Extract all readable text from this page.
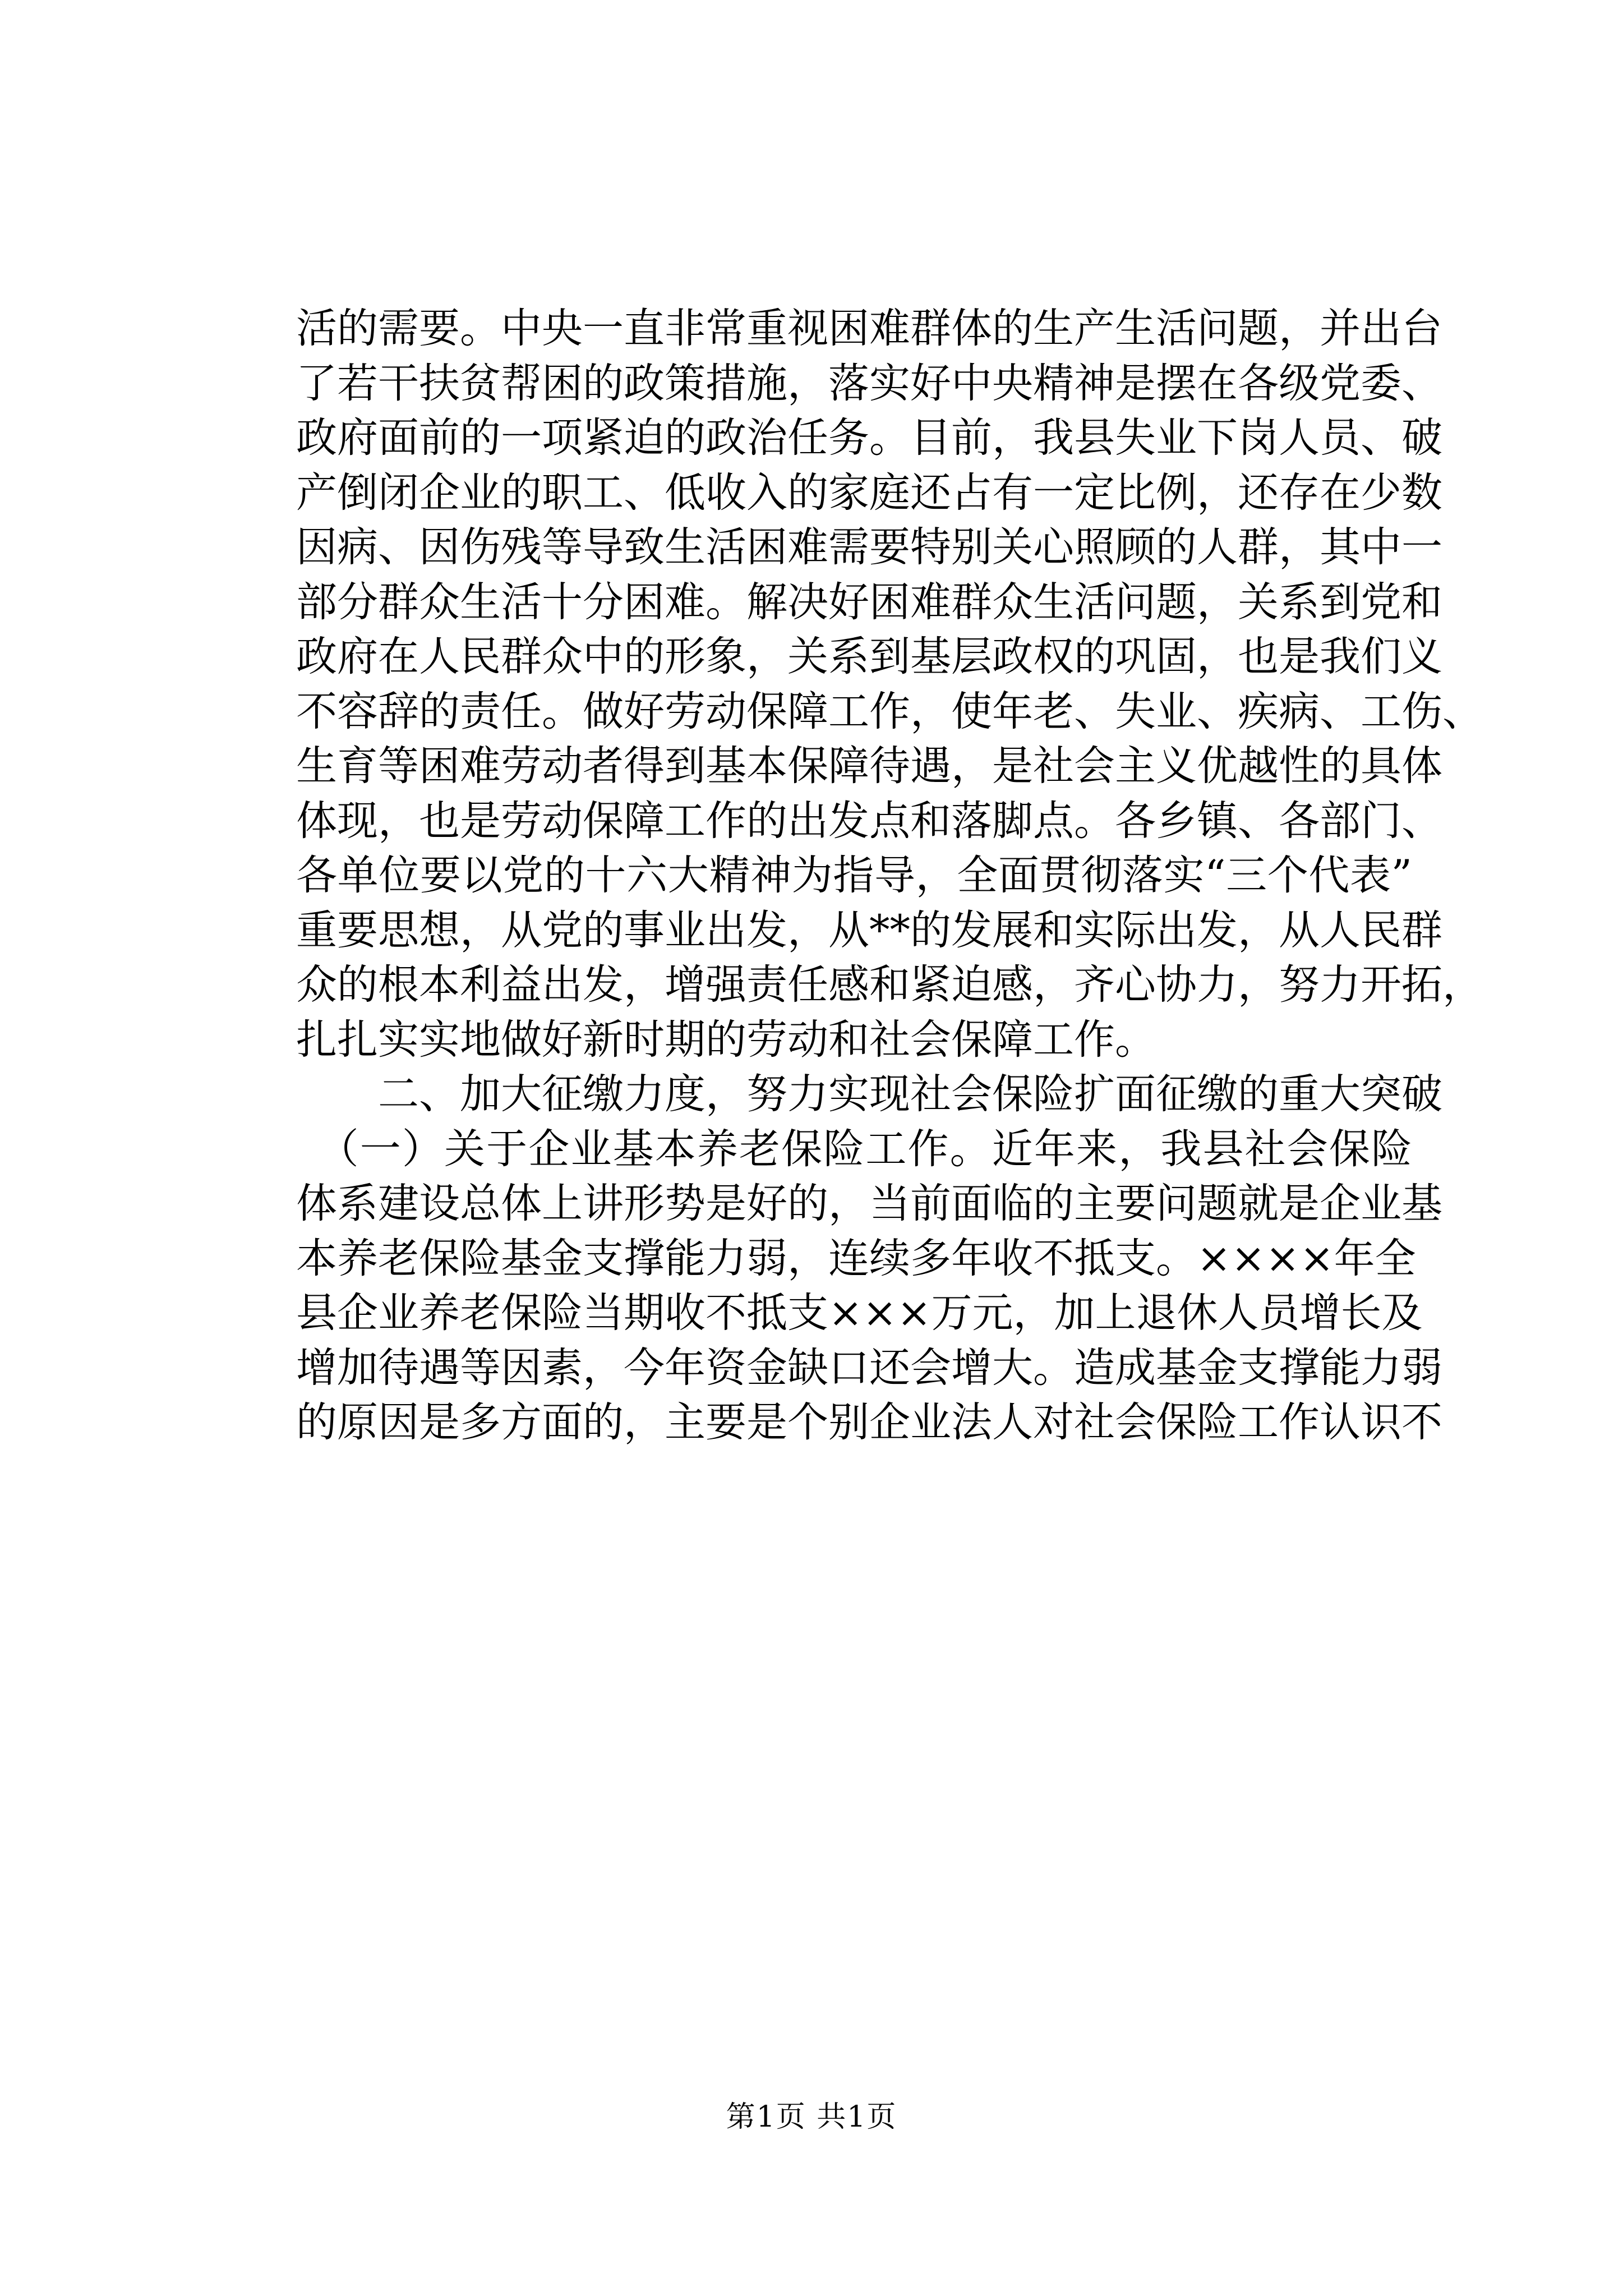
活的需要。中央一直非常重视困难群体的生产生活问题，并出台
了若干扶贫帮困的政策措施，落实好中央精神是摆在各级党委、
政府面前的一项紧迫的政治任务。目前，我县失业下岗人员、破
产倒闭企业的职工、低收入的家庭还占有一定比例，还存在少数
因病、因伤残等导致生活困难需要特别关心照顾的人群，其中一
部分群众生活十分困难。解决好困难群众生活问题，关系到党和
政府在人民群众中的形象，关系到基层政权的巩固，也是我们义
不容辞的责任。做好劳动保障工作，使年老、失业、疾病、工伤、
生育等困难劳动者得到基本保障待遇，是社会主义优越性的具体
体现，也是劳动保障工作的出发点和落脚点。各乡镇、各部门、
各单位要以党的十六大精神为指导，全面贯彻落实“三个代表”
重要思想，从党的事业出发，从**的发展和实际出发，从人民群
众的根本利益出发，增强责任感和紧迫感，齐心协力，努力开拓，
扎扎实实地做好新时期的劳动和社会保障工作。
　　二、加大征缴力度，努力实现社会保险扩面征缴的重大突破
　（一）关于企业基本养老保险工作。近年来，我县社会保险
体系建设总体上讲形势是好的，当前面临的主要问题就是企业基
本养老保险基金支撑能力弱，连续多年收不抵支。××××年全
县企业养老保险当期收不抵支×××万元，加上退休人员增长及
增加待遇等因素，今年资金缺口还会增大。造成基金支撑能力弱
的原因是多方面的，主要是个别企业法人对社会保险工作认识不
第1页 共1页
